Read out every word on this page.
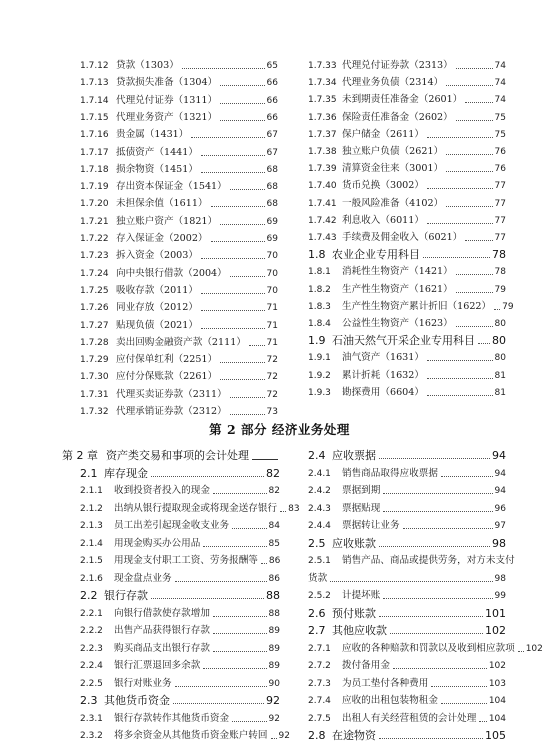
1.7.12 贷款（1303）	65
1.7.13 贷款损失准备（1304）	66
1.7.14 代理兑付证券（1311）	66
1.7.15 代理业务资产（1321）	66
1.7.16 贵金属（1431）	67
1.7.17 抵债资产（1441）	67
1.7.18 损余物资（1451）	68
1.7.19 存出资本保证金（1541）	68
1.7.20 未担保余值（1611）	68
1.7.21 独立账户资产（1821）	69
1.7.22 存入保证金（2002）	69
1.7.23 拆入资金（2003）	70
1.7.24 向中央银行借款（2004）	70
1.7.25 吸收存款（2011）	70
1.7.26 同业存放（2012）	71
1.7.27 贴现负债（2021）	71
1.7.28 卖出回购金融资产款（2111） 71
1.7.29 应付保单红利（2251）	72
1.7.30 应付分保账款（2261）	72
1.7.31 代理买卖证券款（2311）	72
1.7.32 代理承销证券款（2312）	73
1.7.33 代理兑付证券款（2313）	74
1.7.34 代理业务负债（2314）	74
1.7.35 未到期责任准备金（2601）	74
1.7.36 保险责任准备金（2602）	75
1.7.37 保户储金（2611）	75
1.7.38 独立账户负债（2621）	76
1.7.39 清算资金往来（3001）	76
1.7.40 货币兑换（3002）	77
1.7.41 一般风险准备（4102）	77
1.7.42 利息收入（6011）	77
1.7.43 手续费及佣金收入（6021）	77
1.8 农业企业专用科目	78
1.8.1	消耗性生物资产（1421）	78
1.8.2	生产性生物资产（1621）	79
1.8.3	生产性生物资产累计折旧（1622） 79
1.8.4	公益性生物资产（1623）	80
1.9 石油天然气开采企业专用科目 80
1.9.1	油气资产（1631）	80
1.9.2	累计折耗（1632）	81
1.9.3	勘探费用（6604）	81
第 2 部分 经济业务处理
第 2 章 资产类交易和事项的会计处理
2.1 库存现金	82
2.1.1	收到投资者投入的现金	82
2.1.2	出纳从银行提取现金或将现金送存银行 83
2.1.3	员工出差引起现金收支业务	84
2.1.4	用现金购买办公用品	85
2.1.5	用现金支付职工工资、劳务报酬等 86
2.1.6	现金盘点业务	86
2.2 银行存款	88
2.2.1	向银行借款使存款增加	88
2.2.2	出售产品获得银行存款	89
2.2.3	购买商品支出银行存款	89
2.2.4	银行汇票退回多余款	89
2.2.5	银行对账业务	90
2.3 其他货币资金	92
2.3.1	银行存款转作其他货币资金	92
2.3.2	将多余资金从其他货币资金账户转回 92
2.4 应收票据	94
2.4.1	销售商品取得应收票据	94
2.4.2	票据到期	94
2.4.3	票据贴现	96
2.4.4	票据转让业务	97
2.5 应收账款	98
2.5.1	销售产品、商品或提供劳务，对方未支付
货款	98
2.5.2	计提坏账	99
2.6 预付账款	101
2.7 其他应收款	102
2.7.1	应收的各种赔款和罚款以及收到相应款项 102
2.7.2	拨付备用金	102
2.7.3	为员工垫付各种费用	103
2.7.4	应收的出租包装物租金	104
2.7.5	出租人有关经营租赁的会计处理 104
2.8 在途物资	105
